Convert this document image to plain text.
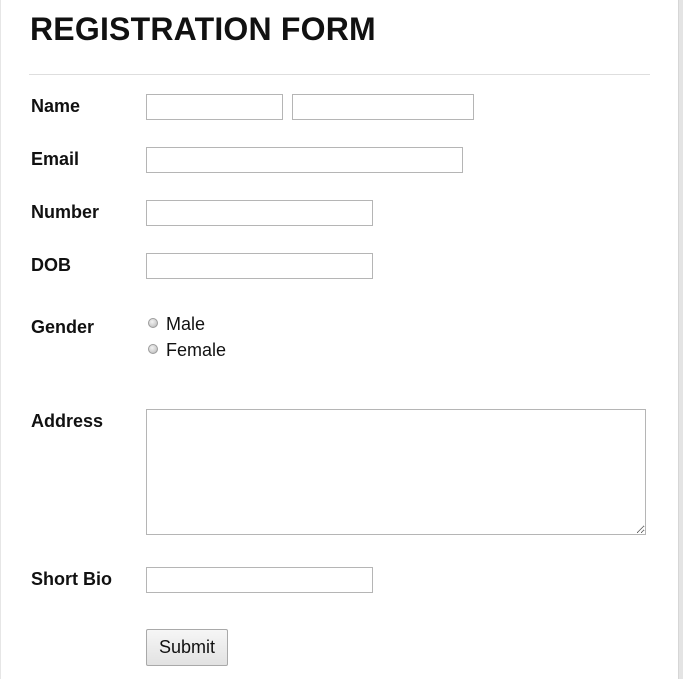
REGISTRATION FORM
Name
Email
Number
DOB
Gender	Male
Female
Address
Short Bio
Submit
